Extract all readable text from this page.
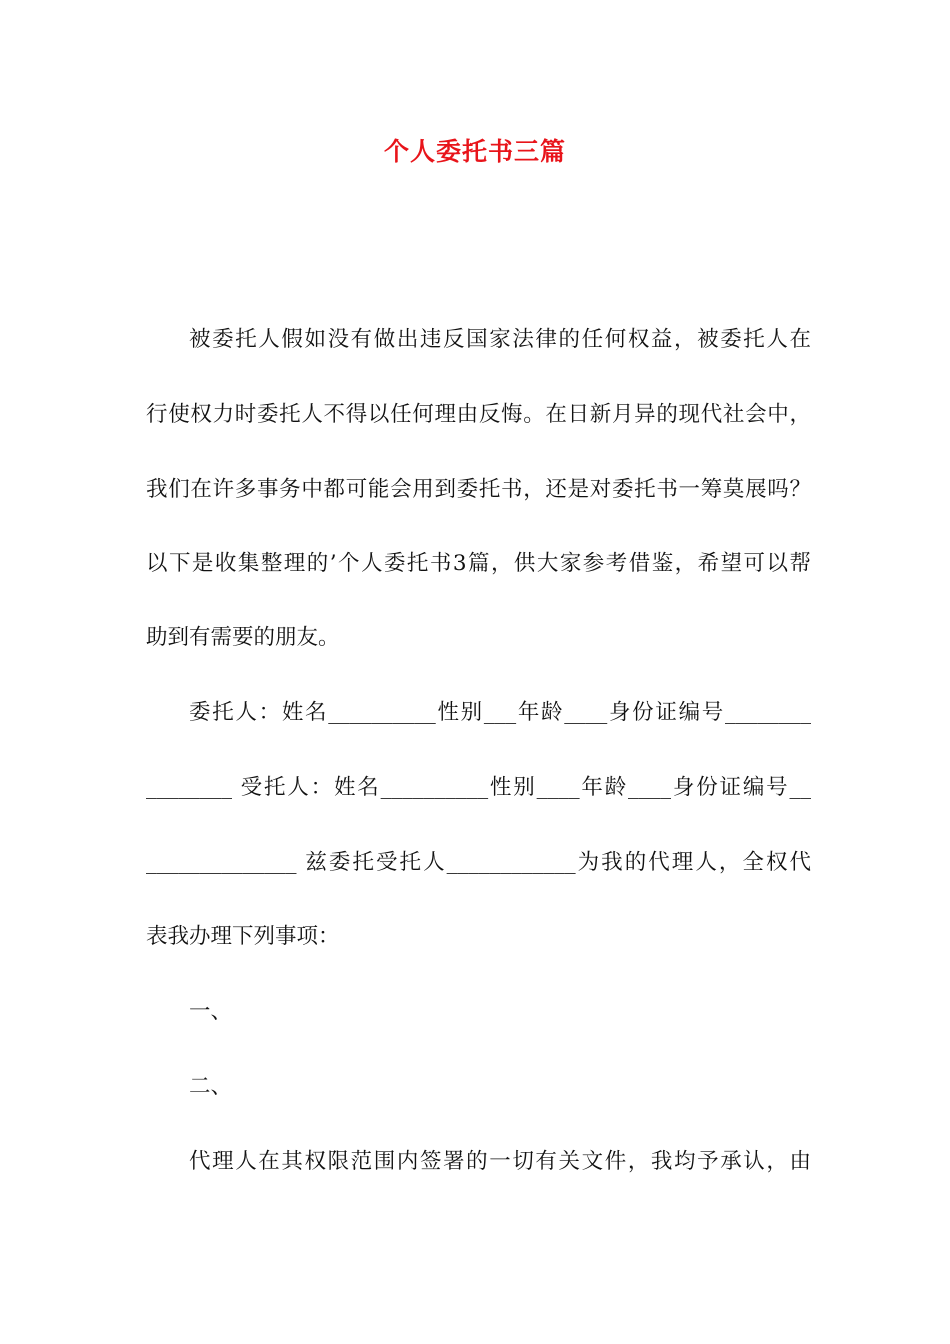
个人委托书三篇
被委托人假如没有做出违反国家法律的任何权益，被委托人在
行使权力时委托人不得以任何理由反悔。在日新月异的现代社会中，
我们在许多事务中都可能会用到委托书，还是对委托书一筹莫展吗？
以下是收集整理的’个人委托书3篇，供大家参考借鉴，希望可以帮
助到有需要的朋友。
委托人：姓名__________性别___年龄____身份证编号________
________ 受托人：姓名__________性别____年龄____身份证编号__
______________ 兹委托受托人____________为我的代理人，全权代
表我办理下列事项：
一、
二、
代理人在其权限范围内签署的一切有关文件，我均予承认，由
